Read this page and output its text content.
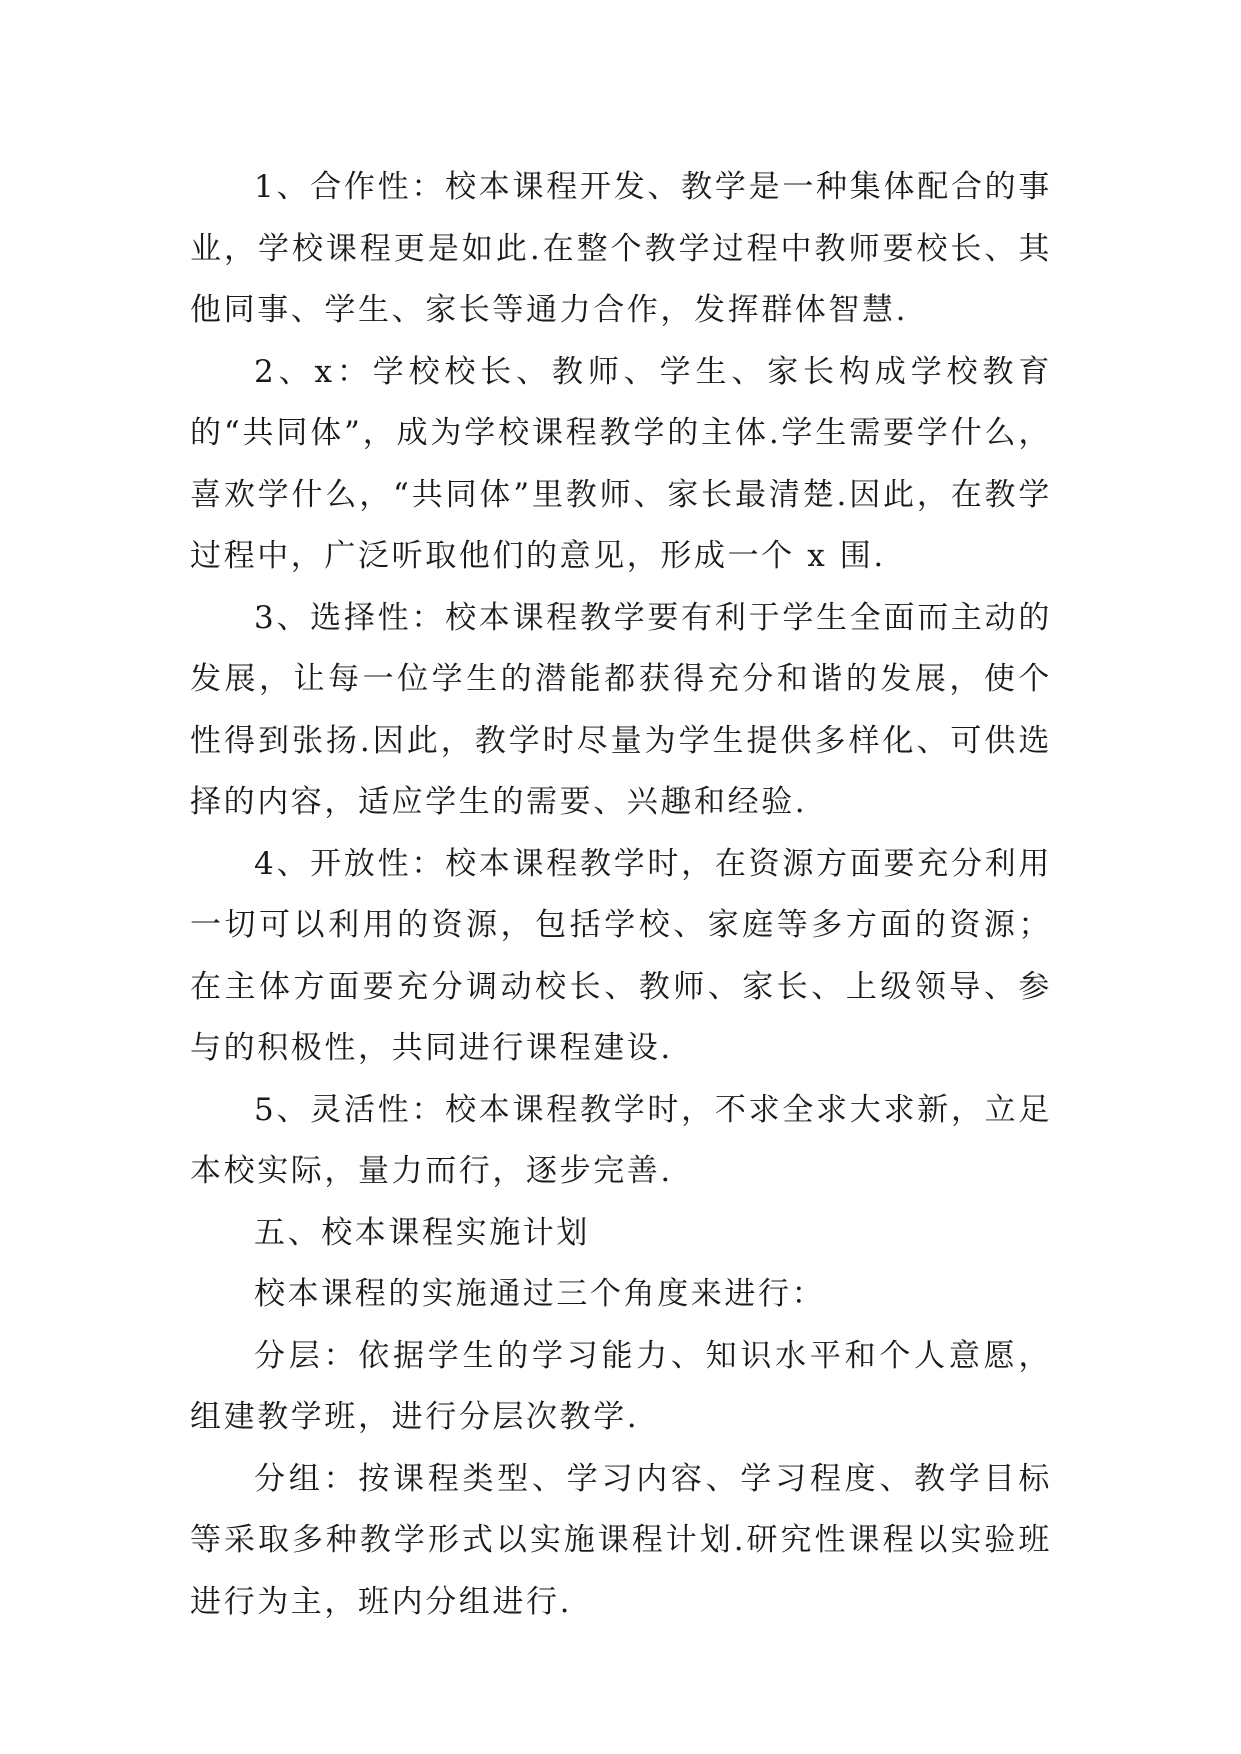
1、合作性：校本课程开发、教学是一种集体配合的事业，学校课程更是如此.在整个教学过程中教师要校长、其他同事、学生、家长等通力合作，发挥群体智慧.

2、x：学校校长、教师、学生、家长构成学校教育的“共同体”，成为学校课程教学的主体.学生需要学什么，喜欢学什么，“共同体”里教师、家长最清楚.因此，在教学过程中，广泛听取他们的意见，形成一个 x 围.

3、选择性：校本课程教学要有利于学生全面而主动的发展，让每一位学生的潜能都获得充分和谐的发展，使个性得到张扬.因此，教学时尽量为学生提供多样化、可供选择的内容，适应学生的需要、兴趣和经验.

4、开放性：校本课程教学时，在资源方面要充分利用一切可以利用的资源，包括学校、家庭等多方面的资源；在主体方面要充分调动校长、教师、家长、上级领导、参与的积极性，共同进行课程建设.

5、灵活性：校本课程教学时，不求全求大求新，立足本校实际，量力而行，逐步完善.

五、校本课程实施计划

校本课程的实施通过三个角度来进行：

分层：依据学生的学习能力、知识水平和个人意愿，组建教学班，进行分层次教学.

分组：按课程类型、学习内容、学习程度、教学目标等采取多种教学形式以实施课程计划.研究性课程以实验班进行为主，班内分组进行.
